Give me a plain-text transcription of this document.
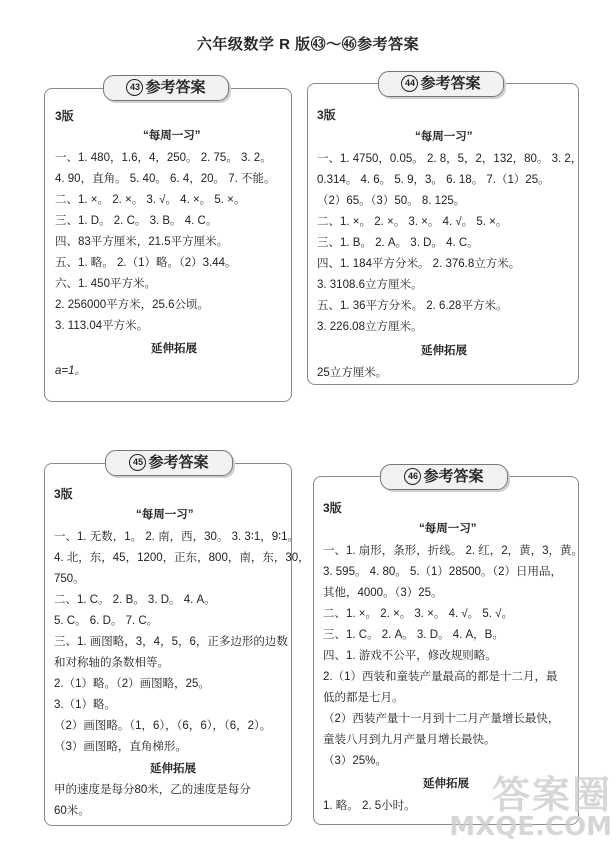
六年级数学 R 版㊸～㊻参考答案
43 参考答案
3版
“每周一习”
一、1. 480，1.6，4，250。 2. 75。 3. 2。
4. 90，直角。 5. 40。 6. 4，20。 7. 不能。
二、1. ×。 2. ×。 3. √。 4. ×。 5. ×。
三、1. D。 2. C。 3. B。 4. C。
四、83平方厘米，21.5平方厘米。
五、1. 略。 2.（1）略。（2）3.44。
六、1. 450平方米。
2. 256000平方米，25.6公顷。
3. 113.04平方米。
延伸拓展
a=1。
44 参考答案
3版
“每周一习”
一、1. 4750，0.05。 2. 8，5，2，132，80。 3. 2，
0.314。 4. 6。 5. 9，3。 6. 18。 7.（1）25。
（2）65。（3）50。 8. 125。
二、1. ×。 2. ×。 3. ×。 4. √。 5. ×。
三、1. B。 2. A。 3. D。 4. C。
四、1. 184平方分米。 2. 376.8立方米。
3. 3108.6立方厘米。
五、1. 36平方分米。 2. 6.28平方米。
3. 226.08立方厘米。
延伸拓展
25立方厘米。
45 参考答案
3版
“每周一习”
一、1. 无数，1。 2. 南，西，30。 3. 3∶1，9∶1。
4. 北，东，45，1200，正东，800，南，东，30，
750。
二、1. C。 2. B。 3. D。 4. A。
5. C。 6. D。 7. C。
三、1. 画图略，3，4，5，6，正多边形的边数
和对称轴的条数相等。
2.（1）略。（2）画图略，25。
3.（1）略。
（2）画图略。（1，6），（6，6），（6，2）。
（3）画图略，直角梯形。
延伸拓展
甲的速度是每分80米，乙的速度是每分
60米。
46 参考答案
3版
“每周一习”
一、1. 扇形，条形，折线。 2. 红，2，黄，3，黄。
3. 595。 4. 80。 5.（1）28500。（2）日用品，
其他，4000。（3）25。
二、1. ×。 2. ×。 3. ×。 4. √。 5. √。
三、1. C。 2. A。 3. D。 4. A，B。
四、1. 游戏不公平，修改规则略。
2.（1）西装和童装产量最高的都是十二月，最
低的都是七月。
（2）西装产量十一月到十二月产量增长最快，
童装八月到九月产量月增长最快。
（3）25%。
延伸拓展
1. 略。 2. 5小时。	答案圈
MXQE.COM
